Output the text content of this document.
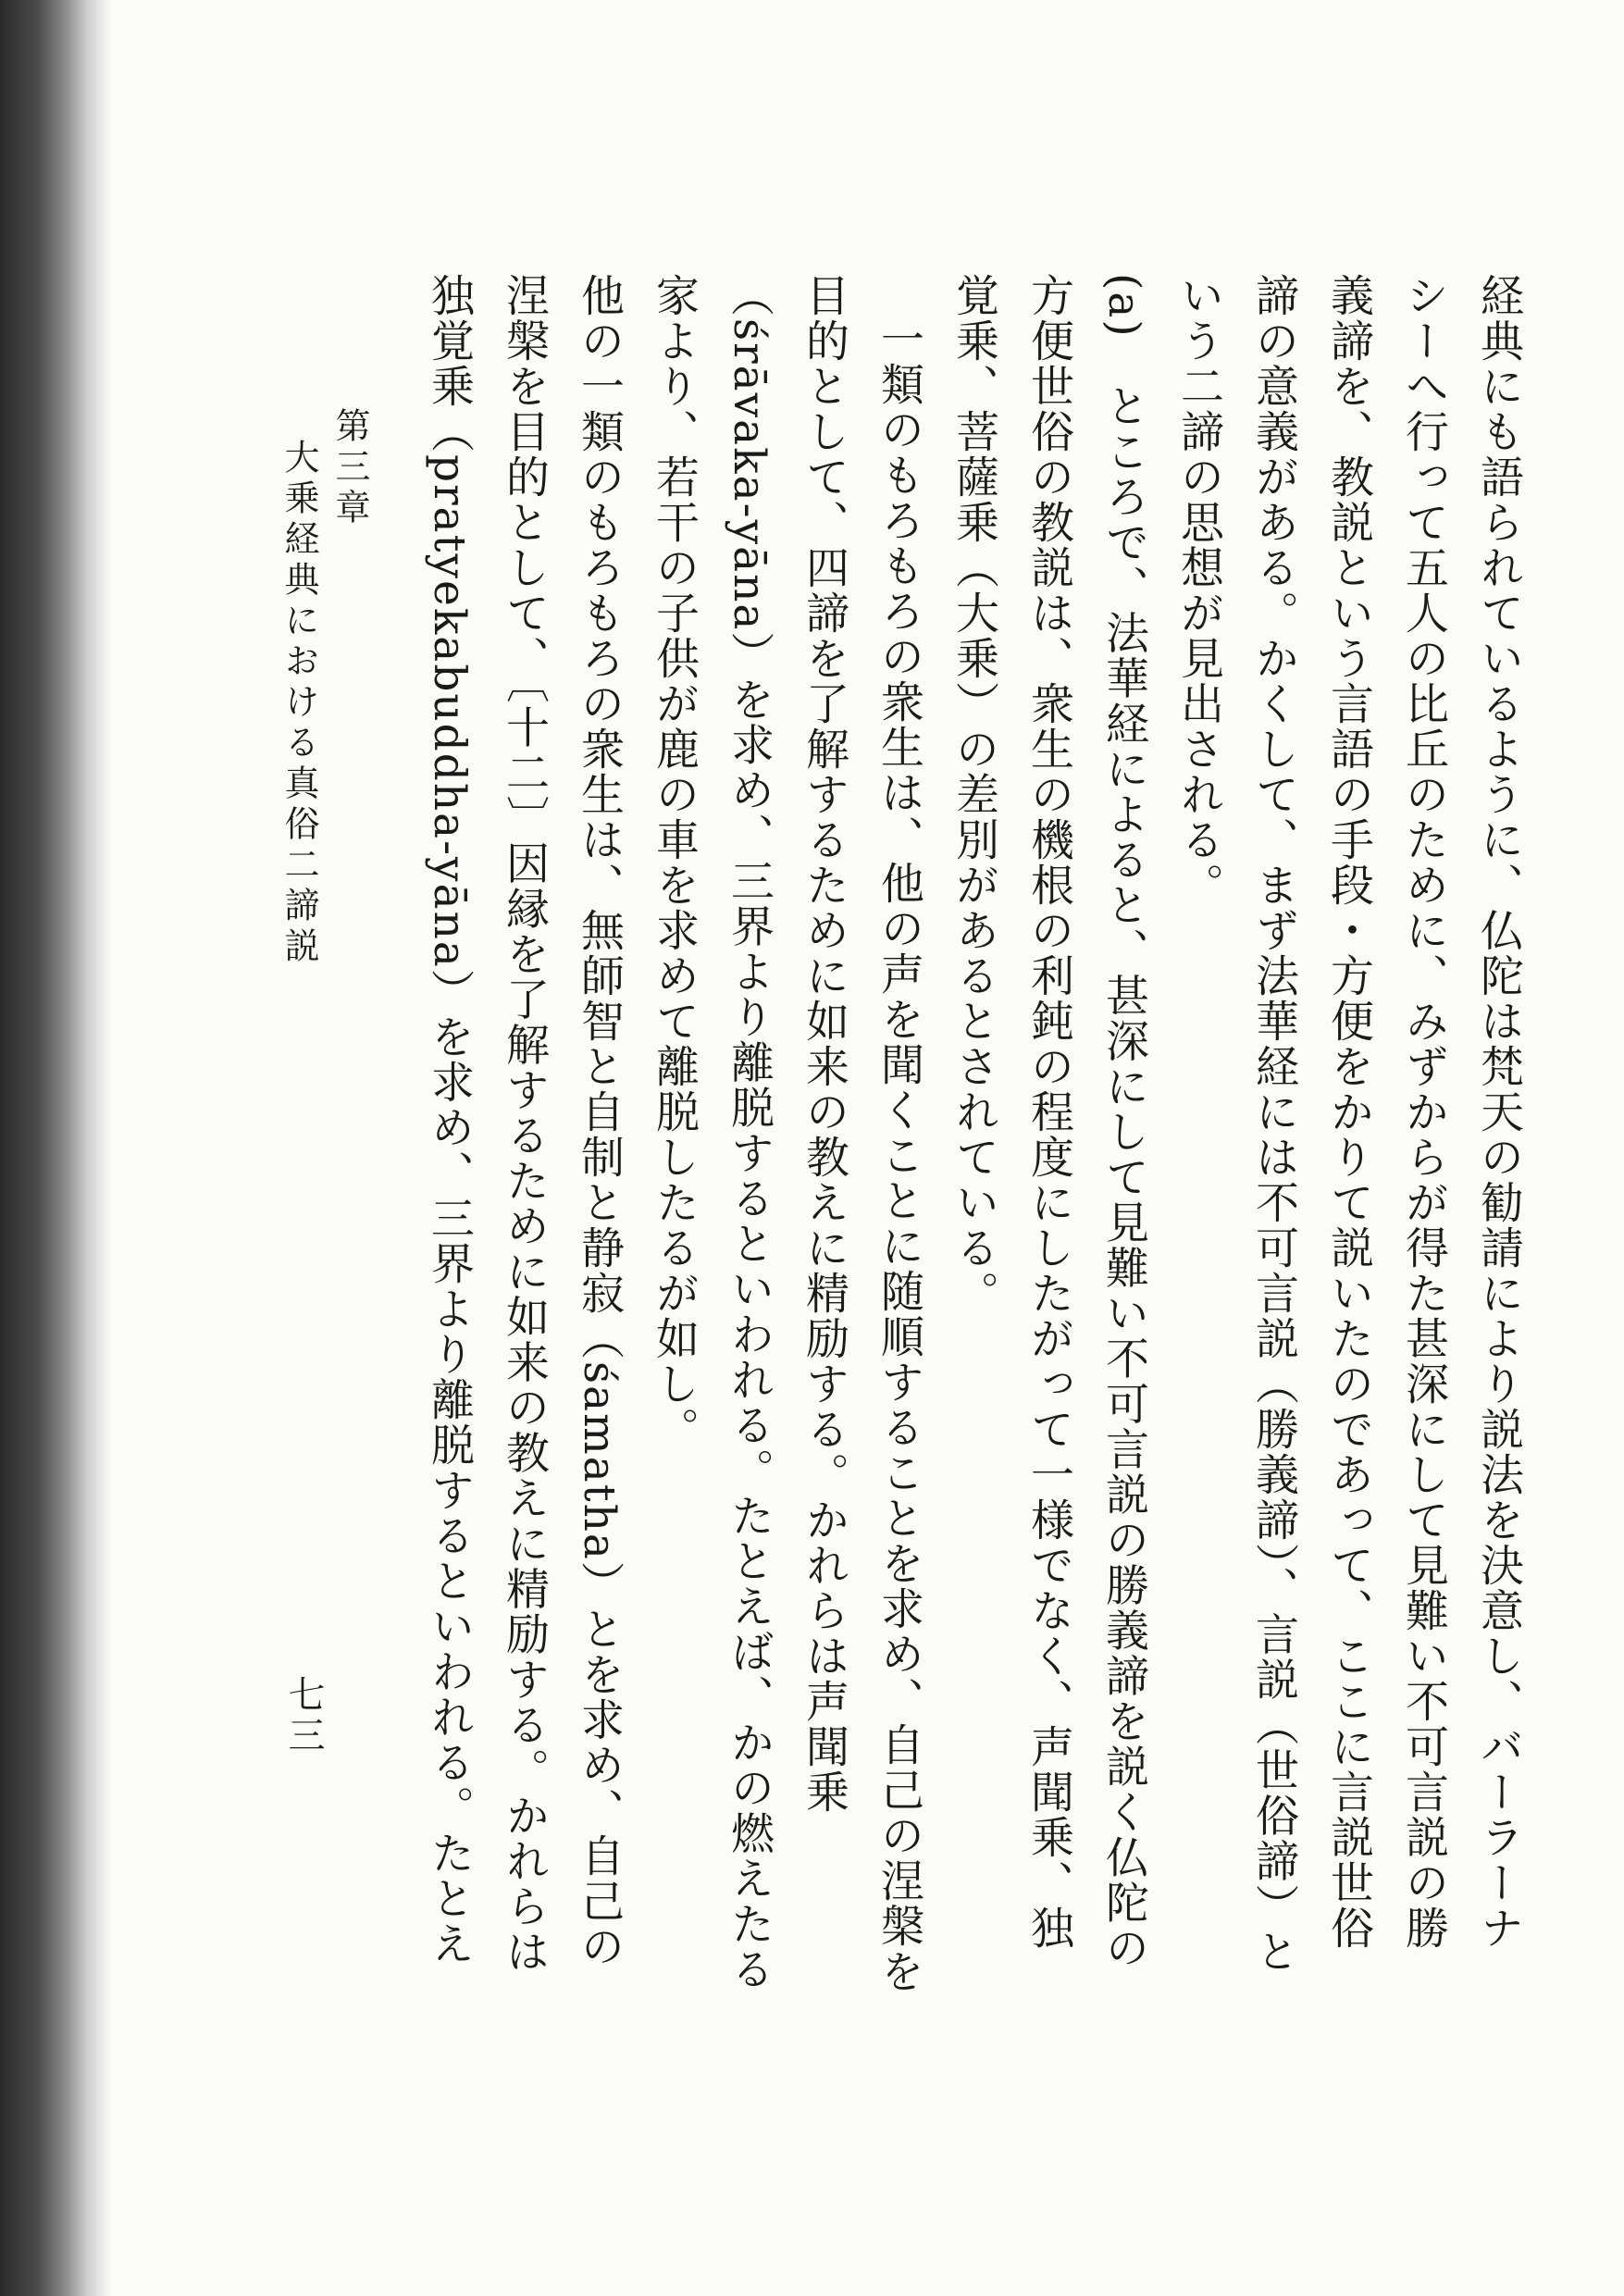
経典にも語られているように、仏陀は梵天の勧請により説法を決意し、バーラーナシーへ行って五人の比丘のために、みずからが得た甚深にして見難い不可言説の勝義諦を、教説という言語の手段・方便をかりて説いたのであって、ここに言説世俗諦の意義がある。かくして、まず法華経には不可言説（勝義諦）、言説（世俗諦）という二諦の思想が見出される。

(a)　ところで、法華経によると、甚深にして見難い不可言説の勝義諦を説く仏陀の方便世俗の教説は、衆生の機根の利鈍の程度にしたがって一様でなく、声聞乗、独覚乗、菩薩乗（大乗）の差別があるとされている。

一類のもろもろの衆生は、他の声を聞くことに随順することを求め、自己の涅槃を目的として、四諦を了解するために如来の教えに精励する。かれらは声聞乗（śrāvaka-yāna）を求め、三界より離脱するといわれる。たとえば、かの燃えたる家より、若干の子供が鹿の車を求めて離脱したるが如し。

他の一類のもろもろの衆生は、無師智と自制と静寂（śamatha）とを求め、自己の涅槃を目的として、〔十二〕因縁を了解するために如来の教えに精励する。かれらは独覚乗（pratyekabuddha-yāna）を求め、三界より離脱するといわれる。たとえ

第三章大乗経典における真俗二諦説
七三
